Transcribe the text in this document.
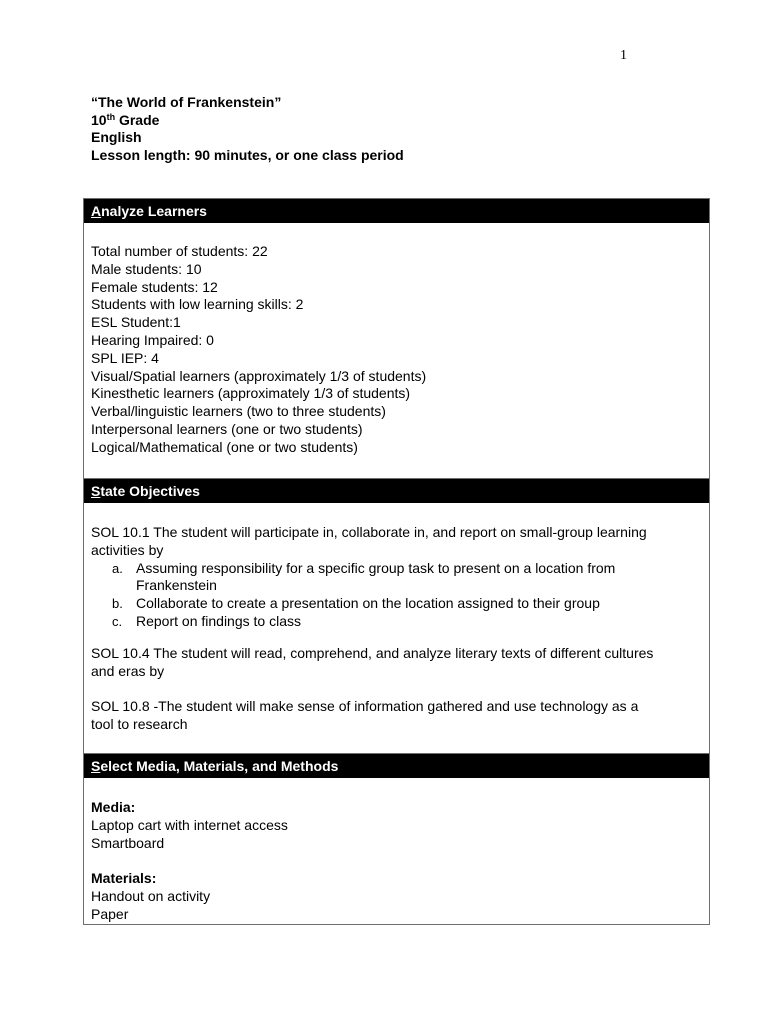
1
“The World of Frankenstein”
10th Grade
English
Lesson length: 90 minutes, or one class period
Analyze Learners
Total number of students: 22
Male students: 10
Female students: 12
Students with low learning skills: 2
ESL Student:1
Hearing Impaired: 0
SPL IEP: 4
Visual/Spatial learners (approximately 1/3 of students)
Kinesthetic learners (approximately 1/3 of students)
Verbal/linguistic learners (two to three students)
Interpersonal learners (one or two students)
Logical/Mathematical (one or two students)
State Objectives
SOL 10.1 The student will participate in, collaborate in, and report on small-group learning
activities by
a. Assuming responsibility for a specific group task to present on a location from
Frankenstein
b. Collaborate to create a presentation on the location assigned to their group
c. Report on findings to class
SOL 10.4 The student will read, comprehend, and analyze literary texts of different cultures
and eras by
SOL 10.8 -The student will make sense of information gathered and use technology as a
tool to research
Select Media, Materials, and Methods
Media:
Laptop cart with internet access
Smartboard
Materials:
Handout on activity
Paper
